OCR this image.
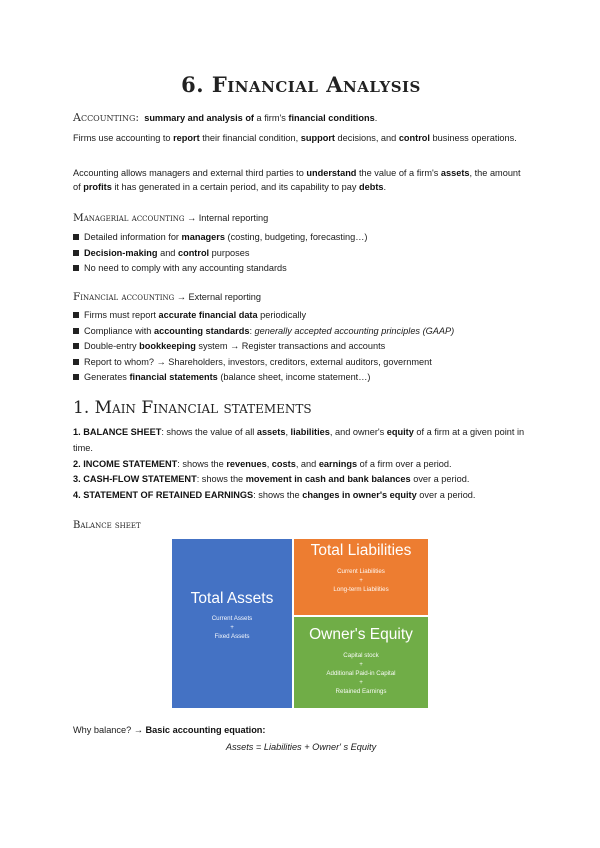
6. Financial Analysis

Accounting: summary and analysis of a firm's financial conditions.

Firms use accounting to report their financial condition, support decisions, and control business operations.

Accounting allows managers and external third parties to understand the value of a firm's assets, the amount of profits it has generated in a certain period, and its capability to pay debts.

Managerial accounting → Internal reporting

Detailed information for managers (costing, budgeting, forecasting…)
Decision-making and control purposes
No need to comply with any accounting standards

Financial accounting → External reporting

Firms must report accurate financial data periodically
Compliance with accounting standards: generally accepted accounting principles (GAAP)
Double-entry bookkeeping system → Register transactions and accounts
Report to whom? → Shareholders, investors, creditors, external auditors, government
Generates financial statements (balance sheet, income statement…)
1. Main Financial statements

1. BALANCE SHEET: shows the value of all assets, liabilities, and owner's equity of a firm at a given point in time.

2. INCOME STATEMENT: shows the revenues, costs, and earnings of a firm over a period.

3. CASH-FLOW STATEMENT: shows the movement in cash and bank balances over a period.

4. STATEMENT OF RETAINED EARNINGS: shows the changes in owner's equity over a period.

Balance sheet
Total Assets
Current Assets
+
Fixed Assets
Total Liabilities
Current Liabilities
+
Long-term Liabilities
Owner's Equity
Capital stock
+
Additional Paid-in Capital
+
Retained Earnings

Why balance? → Basic accounting equation:

Assets = Liabilities + Owner' s Equity
